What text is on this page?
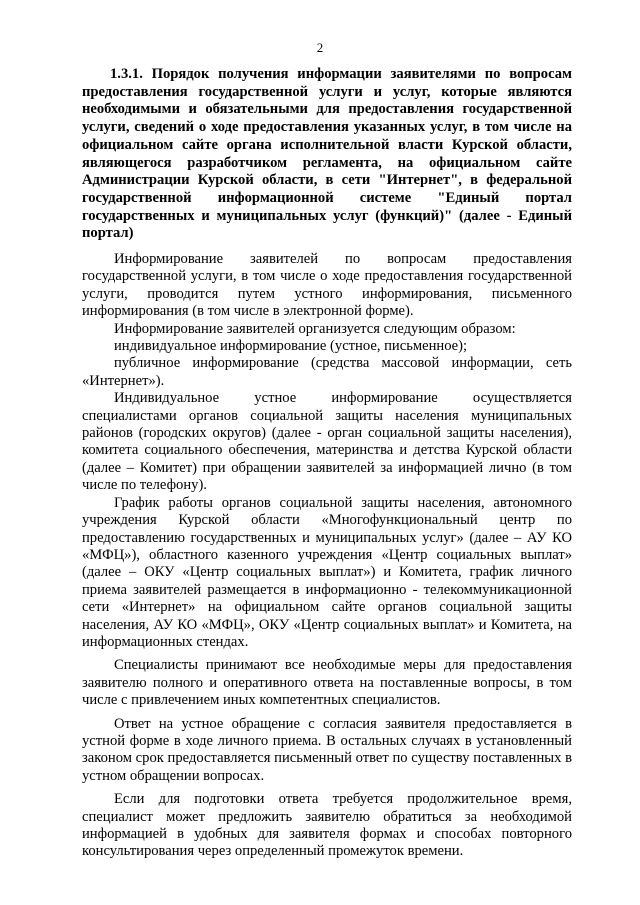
2
1.3.1. Порядок получения информации заявителями по вопросам предоставления государственной услуги и услуг, которые являются необходимыми и обязательными для предоставления государственной услуги, сведений о ходе предоставления указанных услуг, в том числе на официальном сайте органа исполнительной власти Курской области, являющегося разработчиком регламента, на официальном сайте Администрации Курской области, в сети "Интернет", в федеральной государственной информационной системе "Единый портал государственных и муниципальных услуг (функций)" (далее - Единый портал)

Информирование заявителей по вопросам предоставления государственной услуги, в том числе о ходе предоставления государственной услуги, проводится путем устного информирования, письменного информирования (в том числе в электронной форме).

Информирование заявителей организуется следующим образом:

индивидуальное информирование (устное, письменное);

публичное информирование (средства массовой информации, сеть «Интернет»).

Индивидуальное устное информирование осуществляется специалистами органов социальной защиты населения муниципальных районов (городских округов) (далее - орган социальной защиты населения), комитета социального обеспечения, материнства и детства Курской области (далее – Комитет) при обращении заявителей за информацией лично (в том числе по телефону).

График работы органов социальной защиты населения, автономного учреждения Курской области «Многофункциональный центр по предоставлению государственных и муниципальных услуг» (далее – АУ КО «МФЦ»), областного казенного учреждения «Центр социальных выплат» (далее – ОКУ «Центр социальных выплат») и Комитета, график личного приема заявителей размещается в информационно - телекоммуникационной сети «Интернет» на официальном сайте органов социальной защиты населения, АУ КО «МФЦ», ОКУ «Центр социальных выплат» и Комитета, на информационных стендах.

Специалисты принимают все необходимые меры для предоставления заявителю полного и оперативного ответа на поставленные вопросы, в том числе с привлечением иных компетентных специалистов.

Ответ на устное обращение с согласия заявителя предоставляется в устной форме в ходе личного приема. В остальных случаях в установленный законом срок предоставляется письменный ответ по существу поставленных в устном обращении вопросах.

Если для подготовки ответа требуется продолжительное время, специалист может предложить заявителю обратиться за необходимой информацией в удобных для заявителя формах и способах повторного консультирования через определенный промежуток времени.
